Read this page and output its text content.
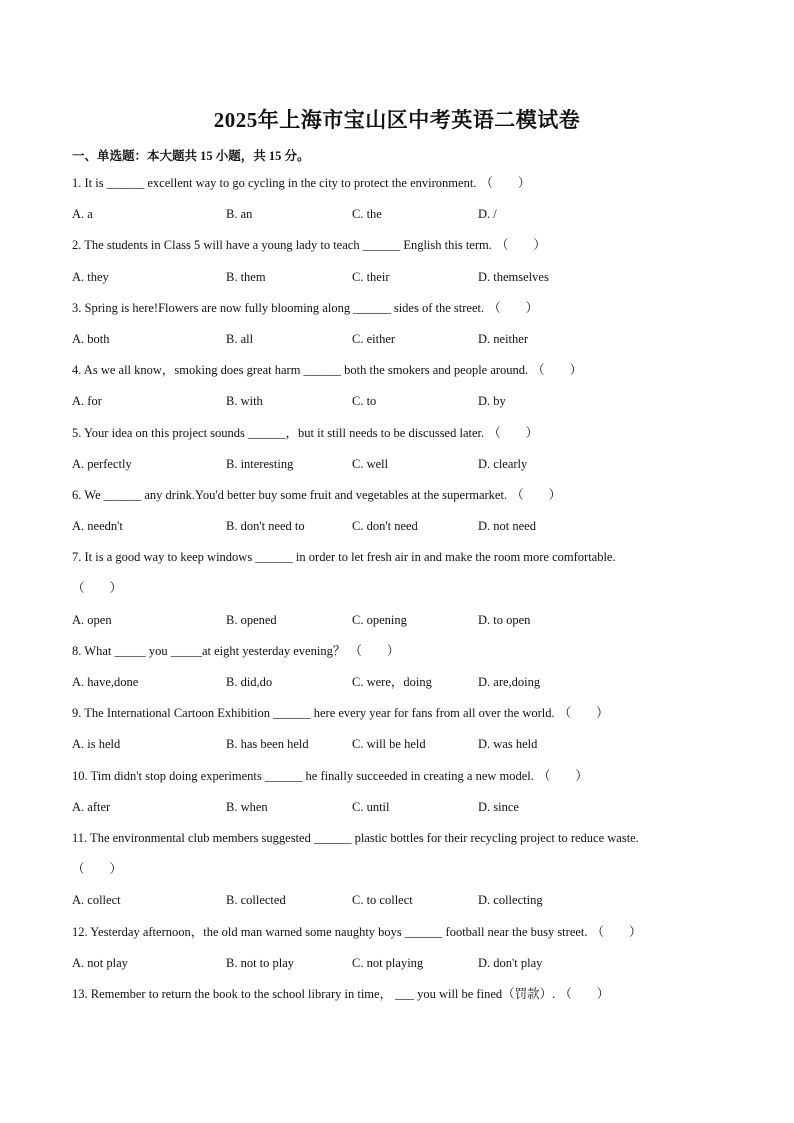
2025年上海市宝山区中考英语二模试卷
一、单选题：本大题共 15 小题，共 15 分。
1. It is ______ excellent way to go cycling in the city to protect the environment. （　　）
A. a	B. an	C. the	D. /
2. The students in Class 5 will have a young lady to teach ______ English this term. （　　）
A. they	B. them	C. their	D. themselves
3. Spring is here!Flowers are now fully blooming along ______ sides of the street. （　　）
A. both	B. all	C. either	D. neither
4. As we all know，smoking does great harm ______ both the smokers and people around. （　　）
A. for	B. with	C. to	D. by
5. Your idea on this project sounds ______，but it still needs to be discussed later. （　　）
A. perfectly	B. interesting	C. well	D. clearly
6. We ______ any drink.You'd better buy some fruit and vegetables at the supermarket. （　　）
A. needn't	B. don't need to	C. don't need	D. not need
7. It is a good way to keep windows ______ in order to let fresh air in and make the room more comfortable.
（　　）
A. open	B. opened	C. opening	D. to open
8. What _____ you _____at eight yesterday evening？ （　　）
A. have,done	B. did,do	C. were，doing	D. are,doing
9. The International Cartoon Exhibition ______ here every year for fans from all over the world. （　　）
A. is held	B. has been held	C. will be held	D. was held
10. Tim didn't stop doing experiments ______ he finally succeeded in creating a new model. （　　）
A. after	B. when	C. until	D. since
11. The environmental club members suggested ______ plastic bottles for their recycling project to reduce waste.
（　　）
A. collect	B. collected	C. to collect	D. collecting
12. Yesterday afternoon，the old man warned some naughty boys ______ football near the busy street. （　　）
A. not play	B. not to play	C. not playing	D. don't play
13. Remember to return the book to the school library in time， ___ you will be fined（罚款）. （　　）
